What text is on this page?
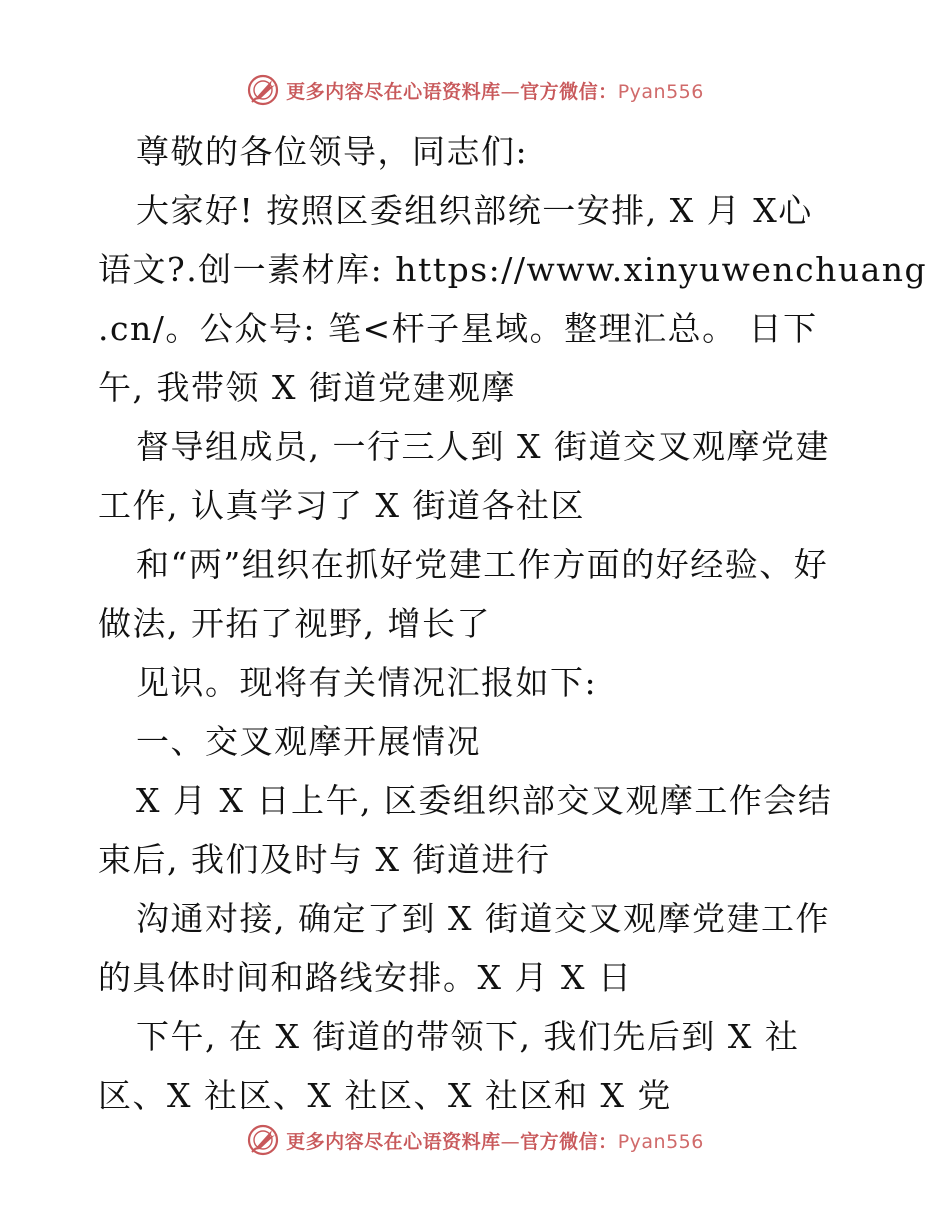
更多内容尽在心语资料库—官方微信：Pyan556
尊敬的各位领导，同志们:
大家好! 按照区委组织部统一安排, X 月 X心
语文?.创一素材库: https://www.xinyuwenchuang
.cn/。公众号: 笔<杆子星域。整理汇总。 日下
午, 我带领 X 街道党建观摩
督导组成员, 一行三人到 X 街道交叉观摩党建
工作, 认真学习了 X 街道各社区
和“两”组织在抓好党建工作方面的好经验、好
做法, 开拓了视野, 增长了
见识。现将有关情况汇报如下:
一、交叉观摩开展情况
X 月 X 日上午, 区委组织部交叉观摩工作会结
束后, 我们及时与 X 街道进行
沟通对接, 确定了到 X 街道交叉观摩党建工作
的具体时间和路线安排。X 月 X 日
下午, 在 X 街道的带领下, 我们先后到 X 社
区、X 社区、X 社区、X 社区和 X 党
更多内容尽在心语资料库—官方微信：Pyan556
